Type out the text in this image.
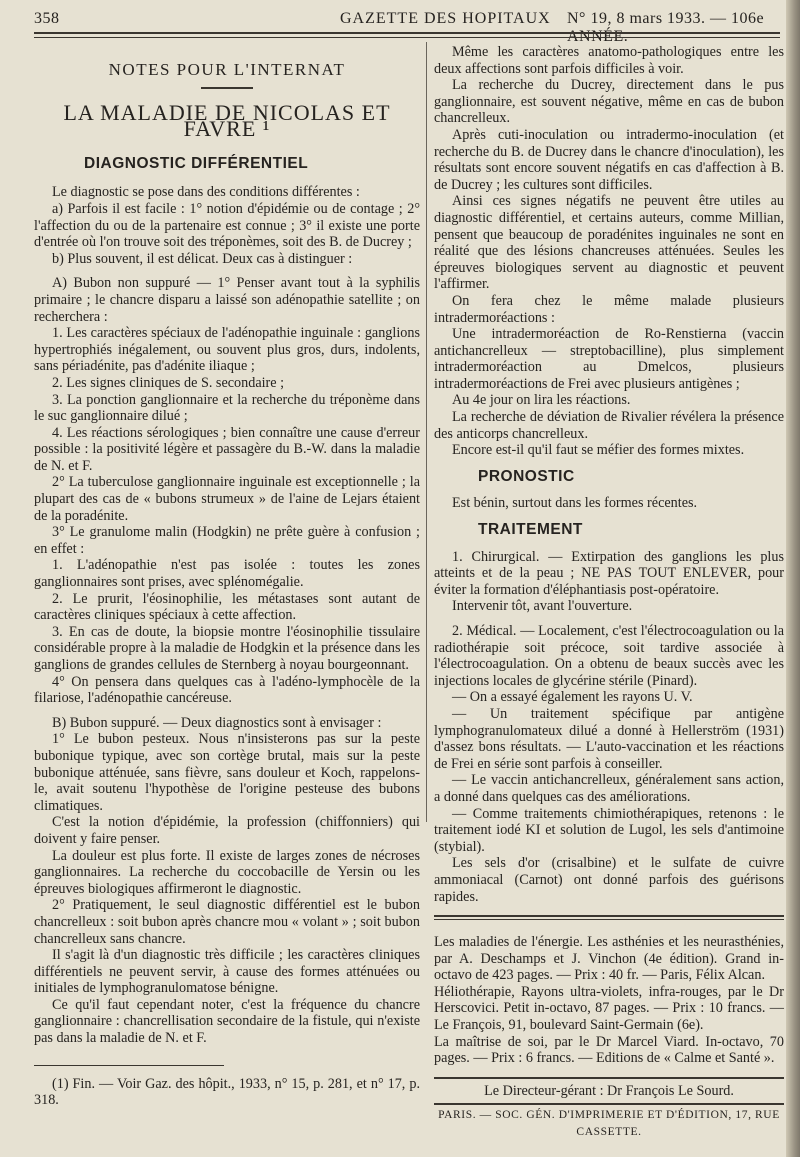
358	GAZETTE DES HOPITAUX N° 19, 8 mars 1933. — 106e ANNÉE.
NOTES POUR L'INTERNAT
LA MALADIE DE NICOLAS ET FAVRE ¹
DIAGNOSTIC DIFFÉRENTIEL

Le diagnostic se pose dans des conditions différentes :

a) Parfois il est facile : 1° notion d'épidémie ou de contage ; 2° l'affection du ou de la partenaire est connue ; 3° il existe une porte d'entrée où l'on trouve soit des tréponèmes, soit des B. de Ducrey ;

b) Plus souvent, il est délicat. Deux cas à distinguer :

A) Bubon non suppuré — 1° Penser avant tout à la syphilis primaire ; le chancre disparu a laissé son adénopathie satellite ; on recherchera :

1. Les caractères spéciaux de l'adénopathie inguinale : ganglions hypertrophiés inégalement, ou souvent plus gros, durs, indolents, sans périadénite, pas d'adénite iliaque ;

2. Les signes cliniques de S. secondaire ;

3. La ponction ganglionnaire et la recherche du tréponème dans le suc ganglionnaire dilué ;

4. Les réactions sérologiques ; bien connaître une cause d'erreur possible : la positivité légère et passagère du B.-W. dans la maladie de N. et F.

2° La tuberculose ganglionnaire inguinale est exceptionnelle ; la plupart des cas de « bubons strumeux » de l'aine de Lejars étaient de la poradénite.

3° Le granulome malin (Hodgkin) ne prête guère à confusion ; en effet :

1. L'adénopathie n'est pas isolée : toutes les zones ganglionnaires sont prises, avec splénomégalie.

2. Le prurit, l'éosinophilie, les métastases sont autant de caractères cliniques spéciaux à cette affection.

3. En cas de doute, la biopsie montre l'éosinophilie tissulaire considérable propre à la maladie de Hodgkin et la présence dans les ganglions de grandes cellules de Sternberg à noyau bourgeonnant.

4° On pensera dans quelques cas à l'adéno-lymphocèle de la filariose, l'adénopathie cancéreuse.

B) Bubon suppuré. — Deux diagnostics sont à envisager :

1° Le bubon pesteux. Nous n'insisterons pas sur la peste bubonique typique, avec son cortège brutal, mais sur la peste bubonique atténuée, sans fièvre, sans douleur et Koch, rappelons-le, avait soutenu l'hypothèse de l'origine pesteuse des bubons climatiques.

C'est la notion d'épidémie, la profession (chiffonniers) qui doivent y faire penser.

La douleur est plus forte. Il existe de larges zones de nécroses ganglionnaires. La recherche du coccobacille de Yersin ou les épreuves biologiques affirmeront le diagnostic.

2° Pratiquement, le seul diagnostic différentiel est le bubon chancrelleux : soit bubon après chancre mou « volant » ; soit bubon chancrelleux sans chancre.

Il s'agit là d'un diagnostic très difficile ; les caractères cliniques différentiels ne peuvent servir, à cause des formes atténuées ou initiales de lymphogranulomatose bénigne.

Ce qu'il faut cependant noter, c'est la fréquence du chancre ganglionnaire : chancrellisation secondaire de la fistule, qui n'existe pas dans la maladie de N. et F.

(1) Fin. — Voir Gaz. des hôpit., 1933, n° 15, p. 281, et n° 17, p. 318.

Même les caractères anatomo-pathologiques entre les deux affections sont parfois difficiles à voir.

La recherche du Ducrey, directement dans le pus ganglionnaire, est souvent négative, même en cas de bubon chancrelleux.

Après cuti-inoculation ou intradermo-inoculation (et recherche du B. de Ducrey dans le chancre d'inoculation), les résultats sont encore souvent négatifs en cas d'affection à B. de Ducrey ; les cultures sont difficiles.

Ainsi ces signes négatifs ne peuvent être utiles au diagnostic différentiel, et certains auteurs, comme Millian, pensent que beaucoup de poradénites inguinales ne sont en réalité que des lésions chancreuses atténuées. Seules les épreuves biologiques servent au diagnostic et peuvent l'affirmer.

On fera chez le même malade plusieurs intradermoréactions :

Une intradermoréaction de Ro-Renstierna (vaccin antichancrelleux — streptobacilline), plus simplement intradermoréaction au Dmelcos, plusieurs intradermoréactions de Frei avec plusieurs antigènes ;

Au 4e jour on lira les réactions.

La recherche de déviation de Rivalier révélera la présence des anticorps chancrelleux.

Encore est-il qu'il faut se méfier des formes mixtes.

PRONOSTIC

Est bénin, surtout dans les formes récentes.

TRAITEMENT

1. Chirurgical. — Extirpation des ganglions les plus atteints et de la peau ; NE PAS TOUT ENLEVER, pour éviter la formation d'éléphantiasis post-opératoire.

Intervenir tôt, avant l'ouverture.

2. Médical. — Localement, c'est l'électrocoagulation ou la radiothérapie soit précoce, soit tardive associée à l'électrocoagulation. On a obtenu de beaux succès avec les injections locales de glycérine stérile (Pinard).

— On a essayé également les rayons U. V.

— Un traitement spécifique par antigène lymphogranulomateux dilué a donné à Hellerström (1931) d'assez bons résultats. — L'auto-vaccination et les réactions de Frei en série sont parfois à conseiller.

— Le vaccin antichancrelleux, généralement sans action, a donné dans quelques cas des améliorations.

— Comme traitements chimiothérapiques, retenons : le traitement iodé KI et solution de Lugol, les sels d'antimoine (stybial).

Les sels d'or (crisalbine) et le sulfate de cuivre ammoniacal (Carnot) ont donné parfois des guérisons rapides.

Les maladies de l'énergie. Les asthénies et les neurasthénies, par A. Deschamps et J. Vinchon (4e édition). Grand in-octavo de 423 pages. — Prix : 40 fr. — Paris, Félix Alcan.

Héliothérapie, Rayons ultra-violets, infra-rouges, par le Dr Herscovici. Petit in-octavo, 87 pages. — Prix : 10 francs. — Le François, 91, boulevard Saint-Germain (6e).

La maîtrise de soi, par le Dr Marcel Viard. In-octavo, 70 pages. — Prix : 6 francs. — Editions de « Calme et Santé ».

Le Directeur-gérant : Dr François Le Sourd.
PARIS. — SOC. GÉN. D'IMPRIMERIE ET D'ÉDITION, 17, RUE CASSETTE.
